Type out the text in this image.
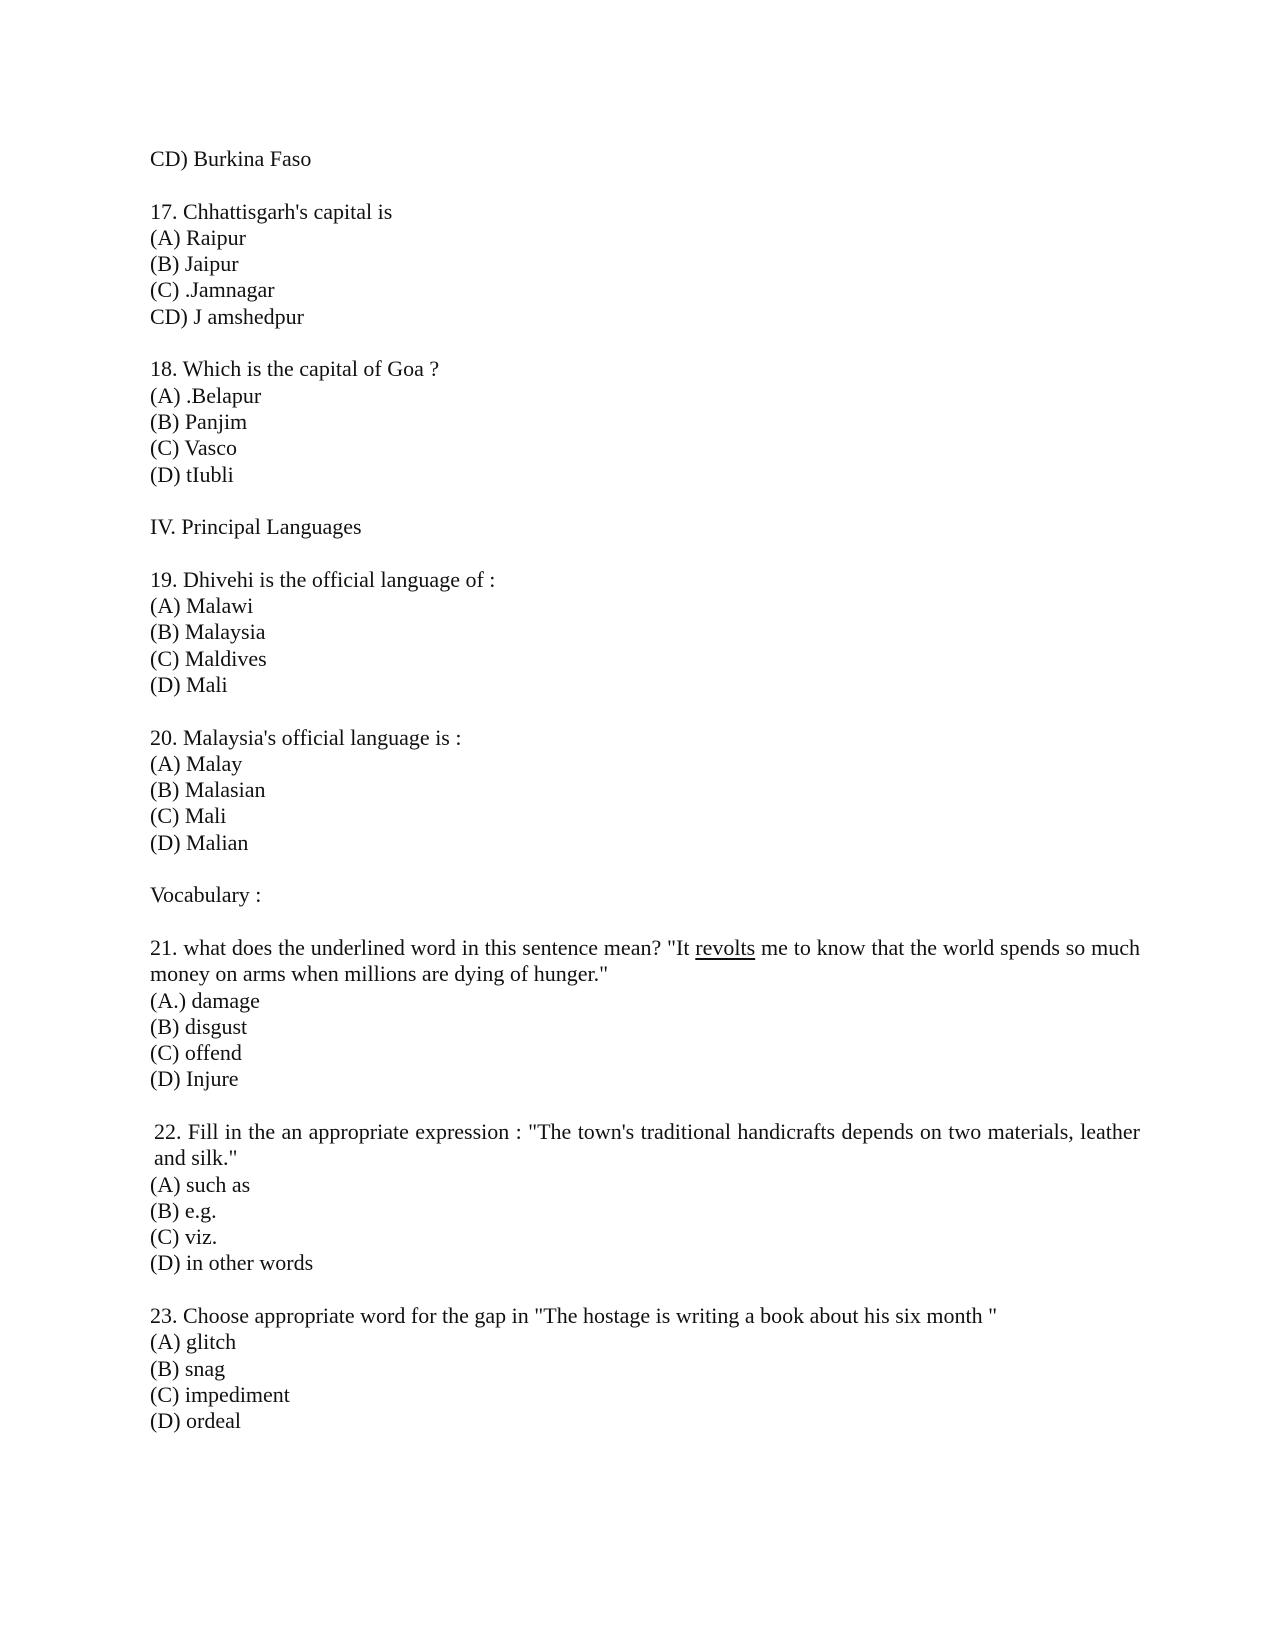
CD) Burkina Faso
17. Chhattisgarh's capital is
(A) Raipur
(B) Jaipur
(C) .Jamnagar
CD) J amshedpur
18. Which is the capital of Goa ?
(A) .Belapur
(B) Panjim
(C) Vasco
(D) tIubli
IV. Principal Languages
19. Dhivehi is the official language of :
(A) Malawi
(B) Malaysia
(C) Maldives
(D) Mali
20. Malaysia's official language is :
(A) Malay
(B) Malasian
(C) Mali
(D) Malian
Vocabulary :
21. what does the underlined word in this sentence mean? "It revolts me to know that the world spends so much money on arms when millions are dying of hunger."
(A.) damage
(B) disgust
(C) offend
(D) Injure
22. Fill in the an appropriate expression : "The town's traditional handicrafts depends on two materials, leather and silk."
(A) such as
(B) e.g.
(C) viz.
(D) in other words
23. Choose appropriate word for the gap in "The hostage is writing a book about his six month "
(A) glitch
(B) snag
(C) impediment
(D) ordeal
